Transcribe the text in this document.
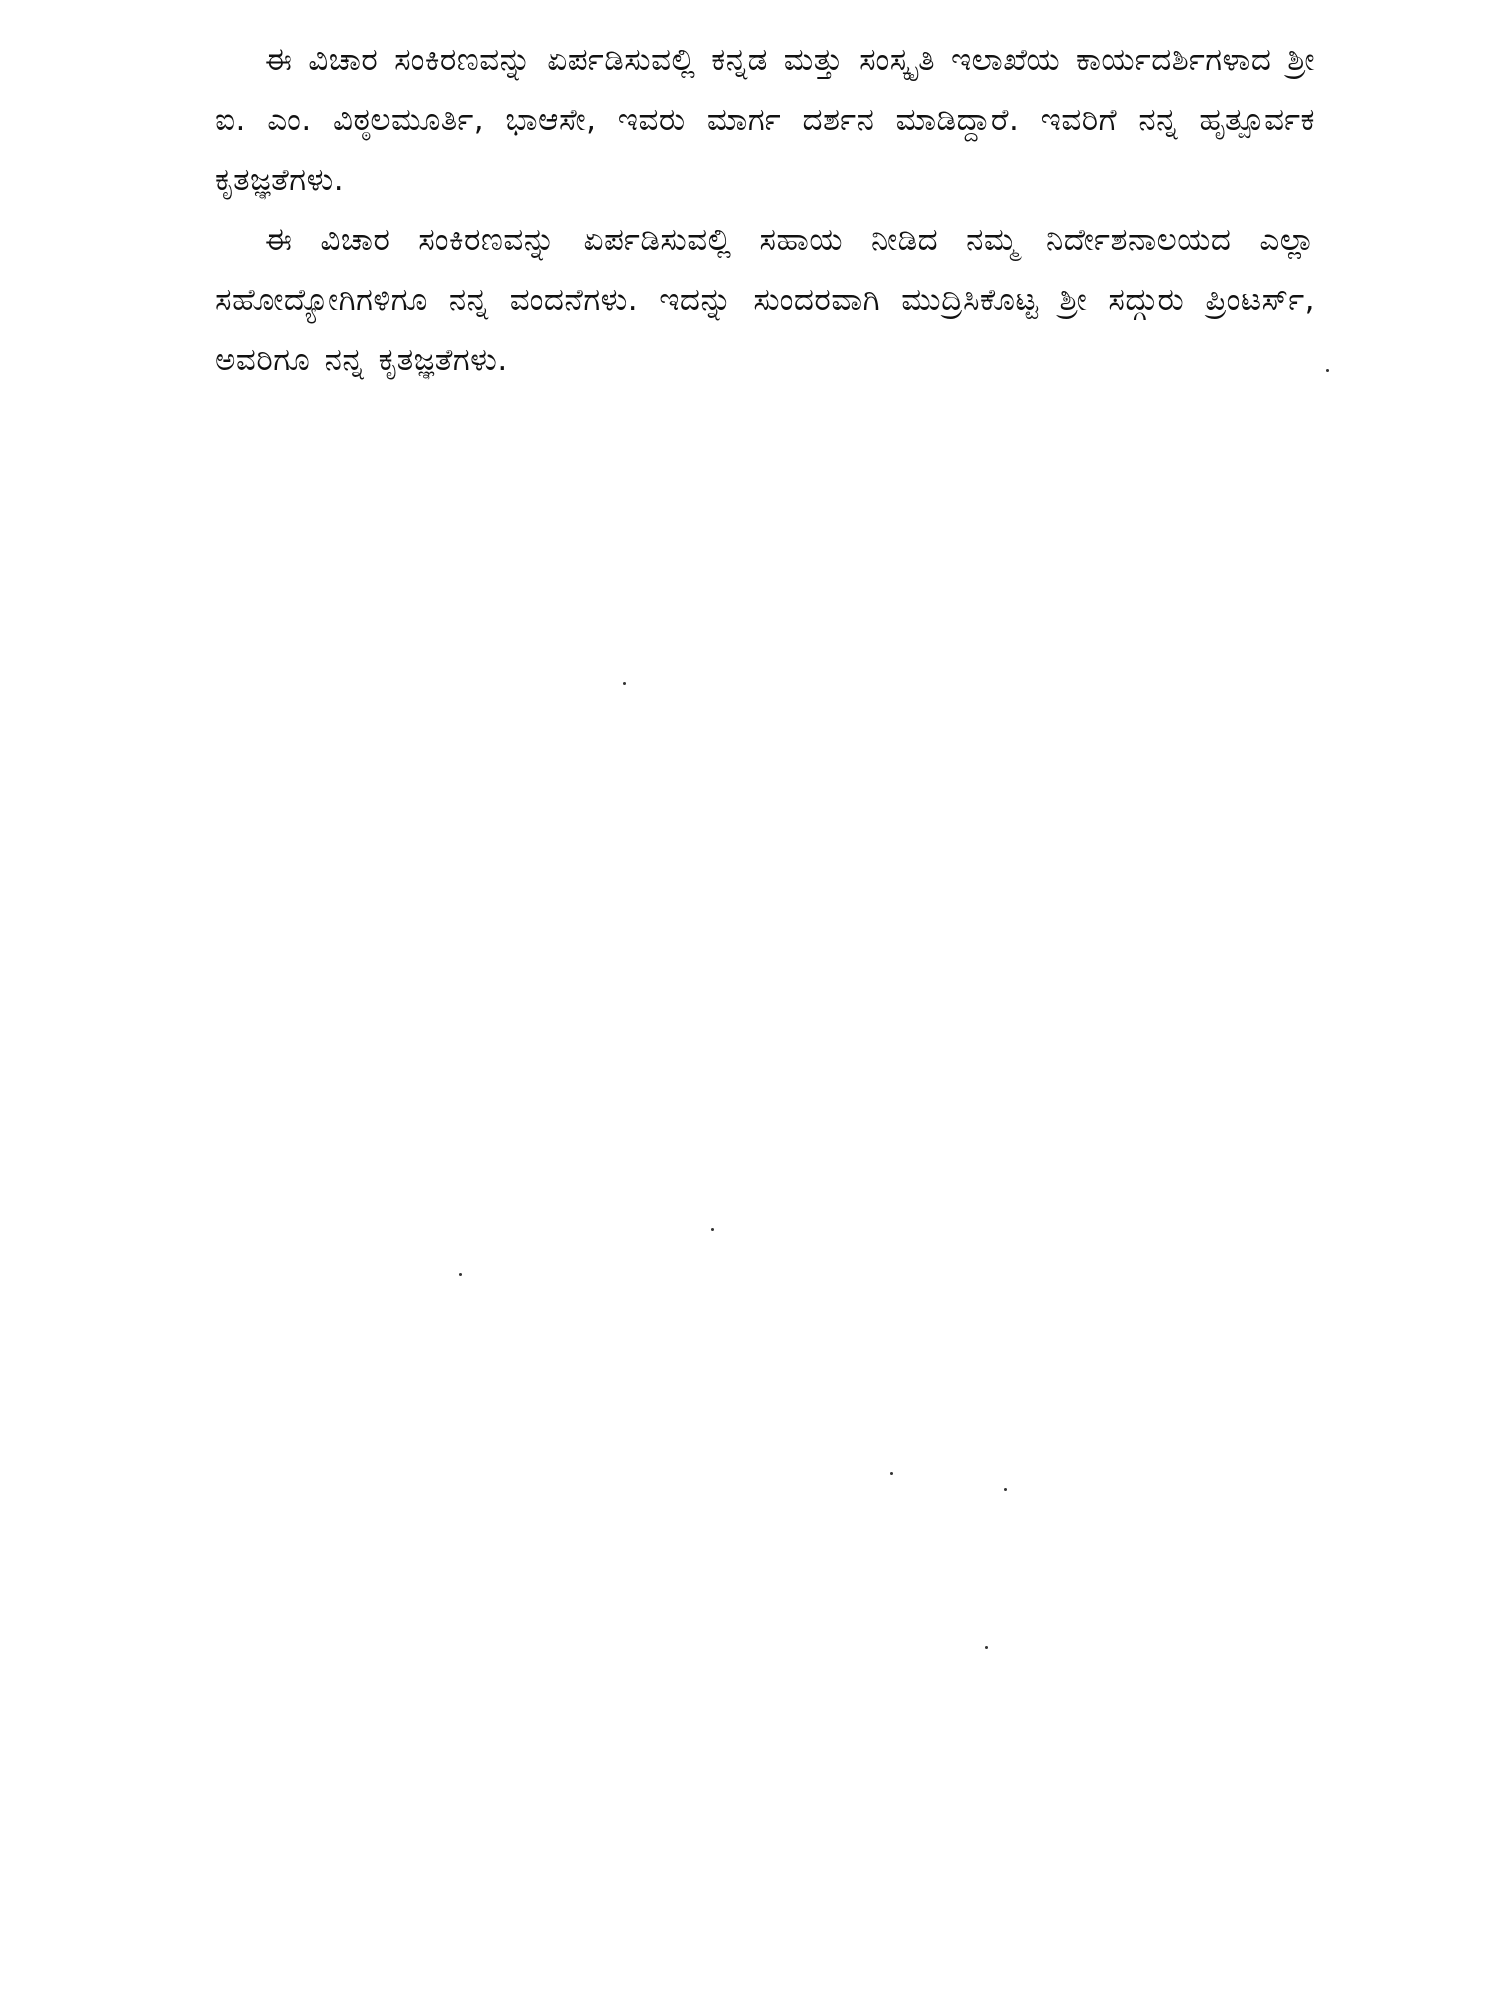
ಈ ವಿಚಾರ ಸಂಕಿರಣವನ್ನು ಏರ್ಪಡಿಸುವಲ್ಲಿ ಕನ್ನಡ ಮತ್ತು ಸಂಸ್ಕೃತಿ ಇಲಾಖೆಯ ಕಾರ್ಯದರ್ಶಿಗಳಾದ ಶ್ರೀ ಐ. ಎಂ. ವಿಠ್ಠಲಮೂರ್ತಿ, ಭಾಆಸೇ, ಇವರು ಮಾರ್ಗ ದರ್ಶನ ಮಾಡಿದ್ದಾರೆ. ಇವರಿಗೆ ನನ್ನ ಹೃತ್ಪೂರ್ವಕ ಕೃತಜ್ಞತೆಗಳು.

ಈ ವಿಚಾರ ಸಂಕಿರಣವನ್ನು ಏರ್ಪಡಿಸುವಲ್ಲಿ ಸಹಾಯ ನೀಡಿದ ನಮ್ಮ ನಿರ್ದೇಶನಾಲಯದ ಎಲ್ಲಾ ಸಹೋದ್ಯೋಗಿಗಳಿಗೂ ನನ್ನ ವಂದನೆಗಳು. ಇದನ್ನು ಸುಂದರವಾಗಿ ಮುದ್ರಿಸಿಕೊಟ್ಟ ಶ್ರೀ ಸದ್ಗುರು ಪ್ರಿಂಟರ್ಸ್, ಅವರಿಗೂ ನನ್ನ ಕೃತಜ್ಞತೆಗಳು.
